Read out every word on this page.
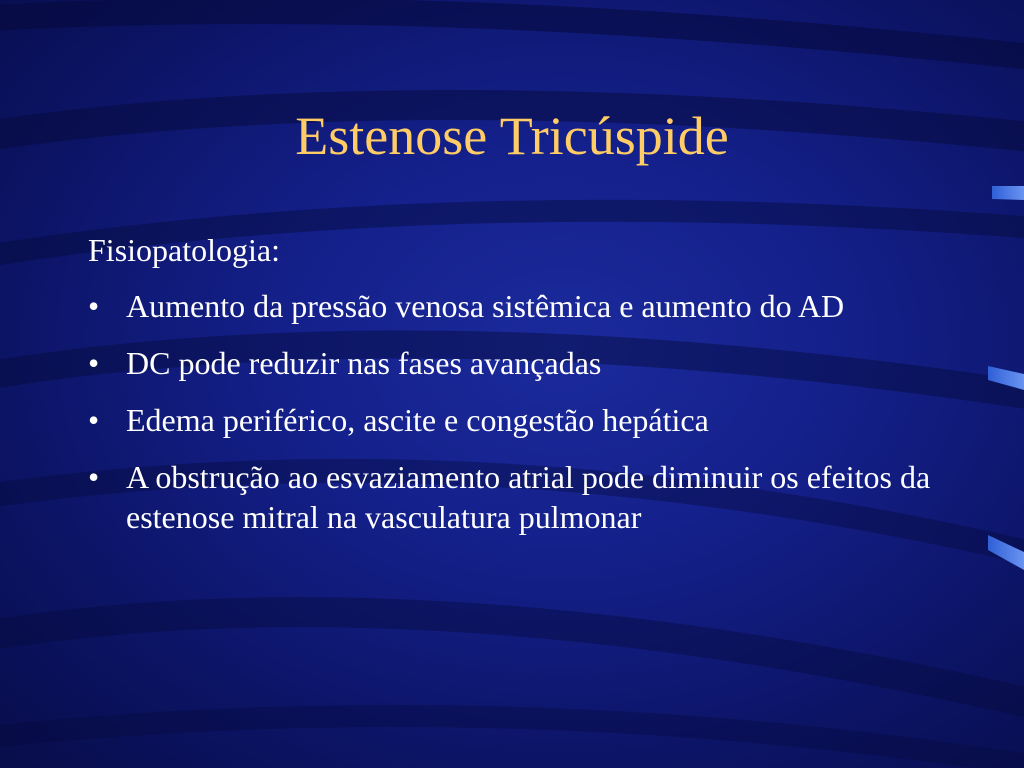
Estenose Tricúspide
Fisiopatologia:
• Aumento da pressão venosa sistêmica e aumento do AD
• DC pode reduzir nas fases avançadas
• Edema periférico, ascite e congestão hepática
• A obstrução ao esvaziamento atrial pode diminuir os efeitos da estenose mitral na vasculatura pulmonar
